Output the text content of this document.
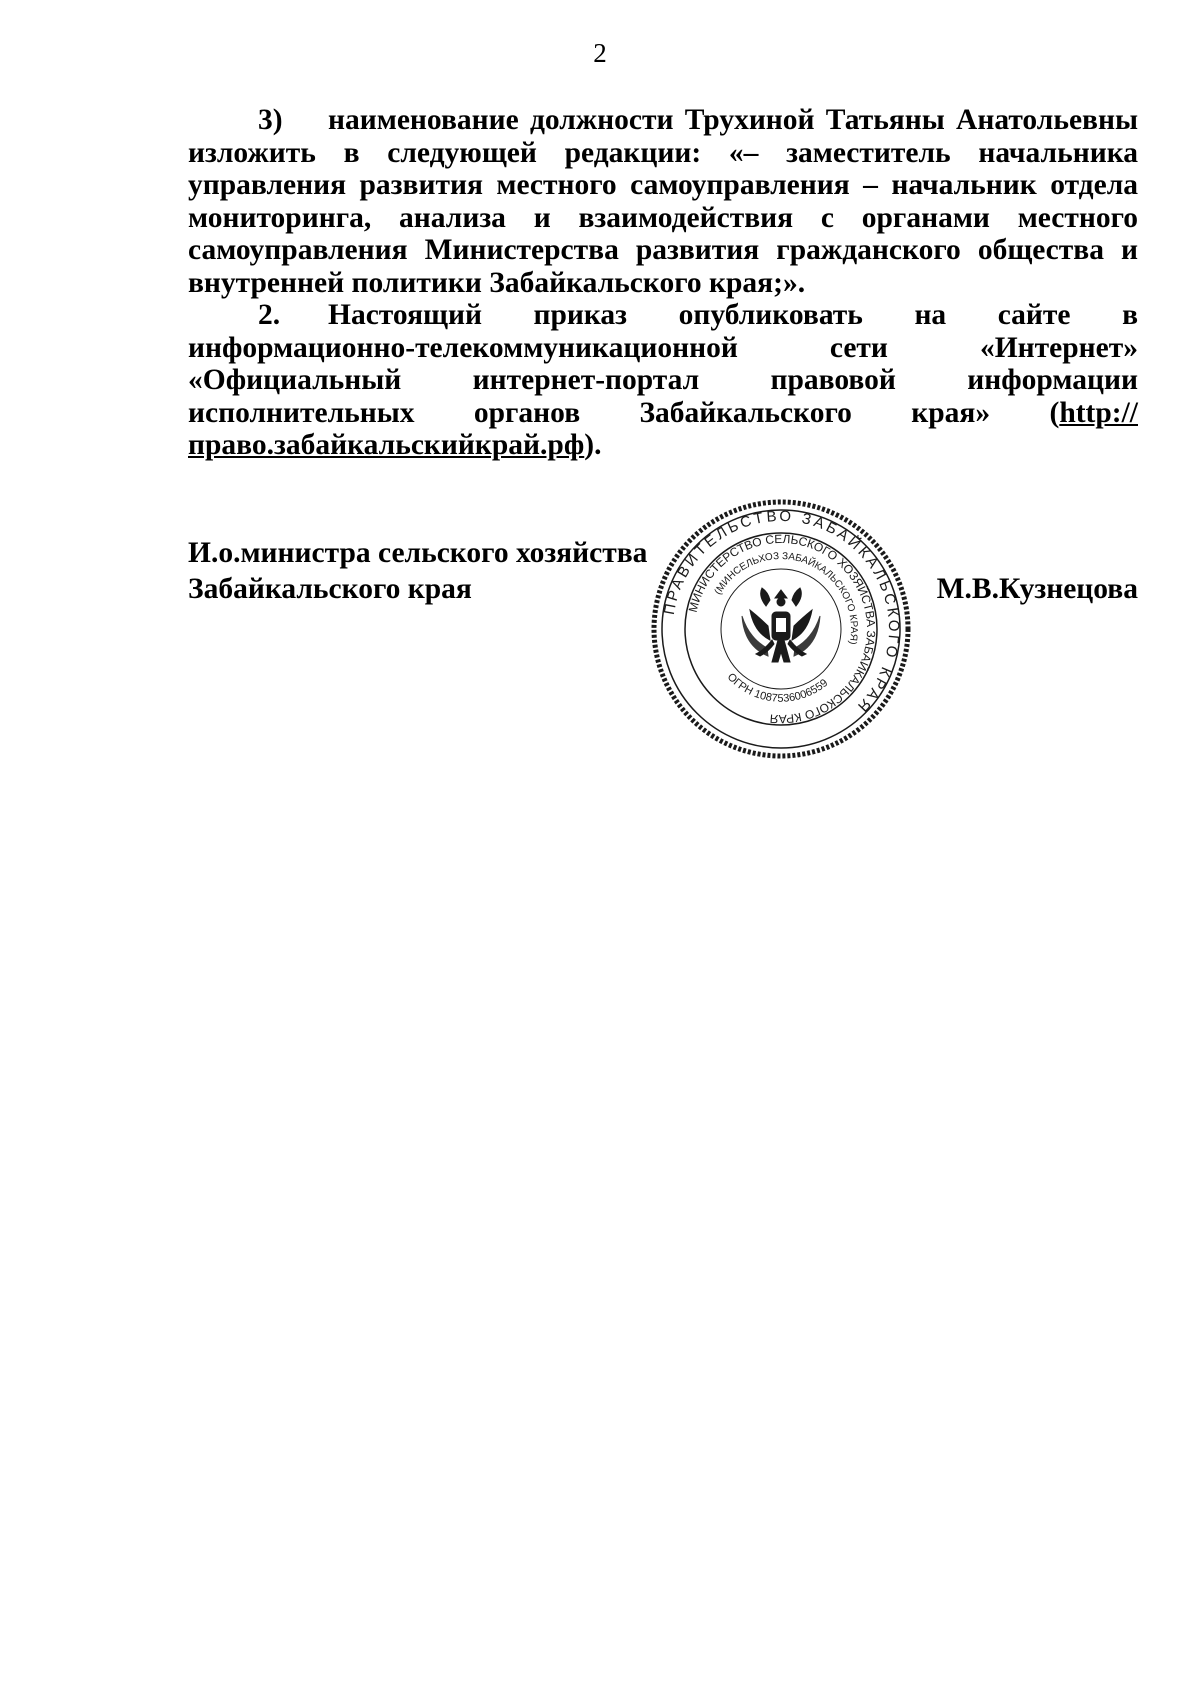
2

3) наименование должности Трухиной Татьяны Анатольевны изложить в следующей редакции: «– заместитель начальника управления развития местного самоуправления – начальник отдела мониторинга, анализа и взаимодействия с органами местного самоуправления Министерства развития гражданского общества и внутренней политики Забайкальского края;».

2. Настоящий приказ опубликовать на сайте в информационно-телекоммуникационной сети «Интернет» «Официальный интернет-портал правовой информации исполнительных органов Забайкальского края» (http://право.забайкальскийкрай.рф).

И.о.министра сельского хозяйства
Забайкальского края	М.В.Кузнецова
ПРАВИТЕЛЬСТВО ЗАБАЙКАЛЬСКОГО КРАЯ
МИНИСТЕРСТВО СЕЛЬСКОГО ХОЗЯЙСТВА ЗАБАЙКАЛЬСКОГО КРАЯ
(МИНСЕЛЬХОЗ ЗАБАЙКАЛЬСКОГО КРАЯ)
ОГРН 1087536006559
